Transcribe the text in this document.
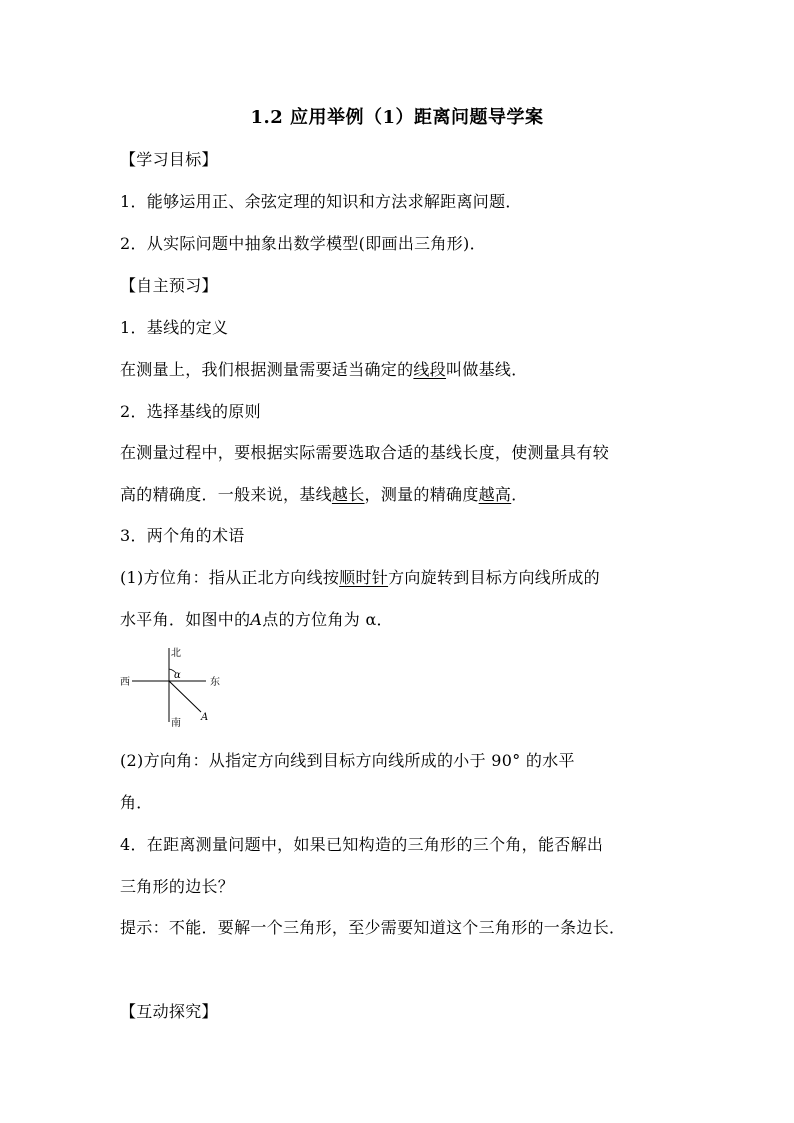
1.2 应用举例（1）距离问题导学案
【学习目标】
1．能够运用正、余弦定理的知识和方法求解距离问题．
2．从实际问题中抽象出数学模型(即画出三角形)．
【自主预习】
1．基线的定义
在测量上，我们根据测量需要适当确定的线段叫做基线．
2．选择基线的原则
在测量过程中，要根据实际需要选取合适的基线长度，使测量具有较
高的精确度．一般来说，基线越长，测量的精确度越高．
3．两个角的术语
(1)方位角：指从正北方向线按顺时针方向旋转到目标方向线所成的
水平角．如图中的A点的方位角为 α．
北
南
西	东
α
A
(2)方向角：从指定方向线到目标方向线所成的小于 90° 的水平
角．
4．在距离测量问题中，如果已知构造的三角形的三个角，能否解出
三角形的边长？
提示：不能．要解一个三角形，至少需要知道这个三角形的一条边长．
【互动探究】
